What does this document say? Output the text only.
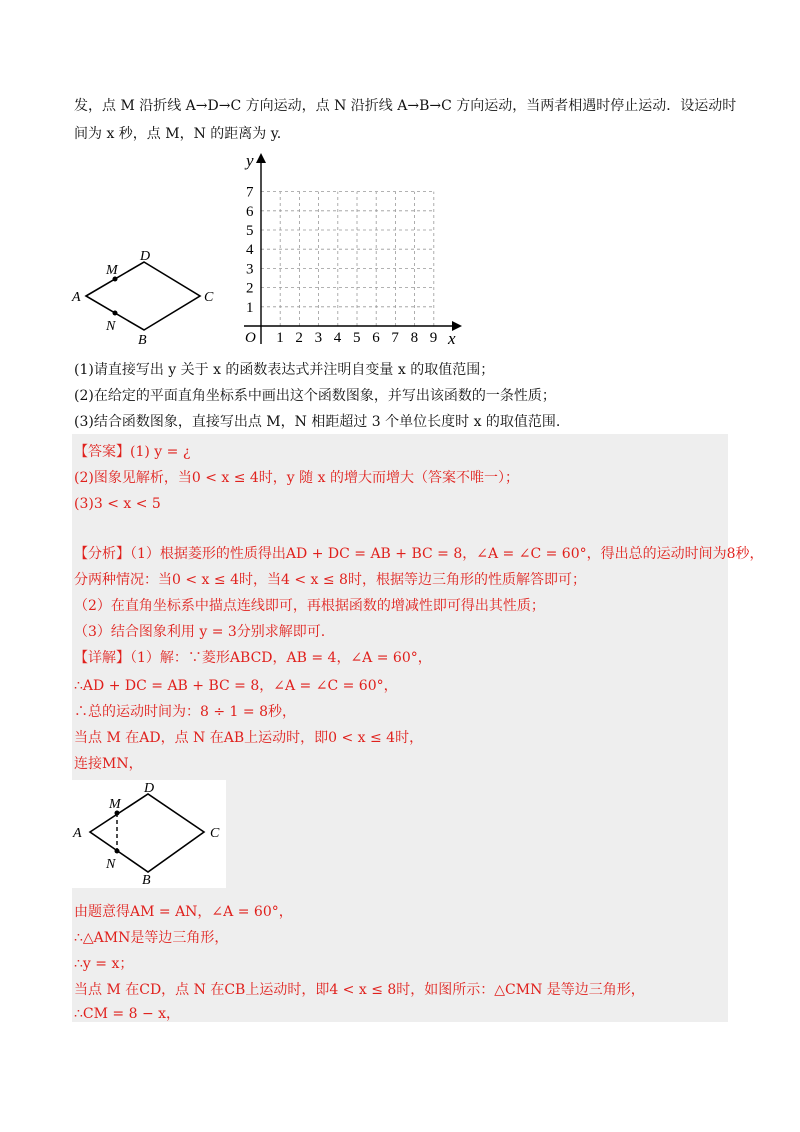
发，点 M 沿折线 A→D→C 方向运动，点 N 沿折线 A→B→C 方向运动，当两者相遇时停止运动．设运动时
间为 x 秒，点 M，N 的距离为 y.
A
B
C
D
M
N
y
x
O
1
2
3
4
5
6
7
1 2 3 4 5 6 7 8 9
(1)请直接写出 y 关于 x 的函数表达式并注明自变量 x 的取值范围；
(2)在给定的平面直角坐标系中画出这个函数图象，并写出该函数的一条性质；
(3)结合函数图象，直接写出点 M，N 相距超过 3 个单位长度时 x 的取值范围.
【答案】(1) y = ¿
(2)图象见解析，当0 < x ≤ 4时，y 随 x 的增大而增大（答案不唯一）；
(3)3 < x < 5
【分析】（1）根据菱形的性质得出AD + DC = AB + BC = 8，∠A = ∠C = 60°，得出总的运动时间为8秒，
分两种情况：当0 < x ≤ 4时，当4 < x ≤ 8时，根据等边三角形的性质解答即可；
（2）在直角坐标系中描点连线即可，再根据函数的增减性即可得出其性质；
（3）结合图象利用 y = 3分别求解即可.
【详解】（1）解：∵菱形ABCD，AB = 4，∠A = 60°，
∴AD + DC = AB + BC = 8，∠A = ∠C = 60°，
∴总的运动时间为：8 ÷ 1 = 8秒，
当点 M 在AD，点 N 在AB上运动时，即0 < x ≤ 4时，
连接MN，
A
B
C
D
M
N
由题意得AM = AN，∠A = 60°，
∴△AMN是等边三角形，
∴y = x；
当点 M 在CD，点 N 在CB上运动时，即4 < x ≤ 8时，如图所示：△CMN 是等边三角形，
∴CM = 8 − x，
